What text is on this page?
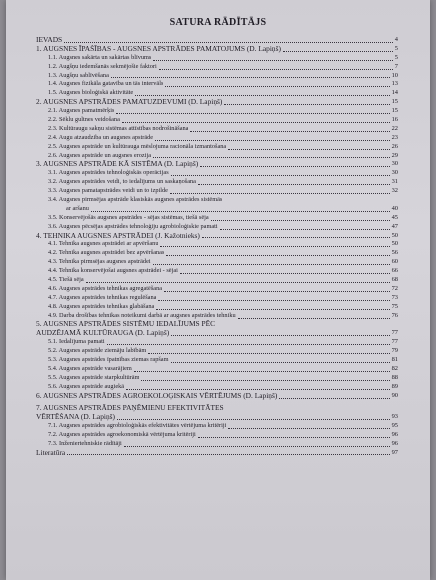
SATURA RĀDĪTĀJS
IEVADS	4
1. AUGSNES ĪPAŠĪBAS - AUGSNES APSTRĀDES PAMATOJUMS (D. Lapiņš)	5
1.1. Augsnes sakārta un sakārtas blīvums	5
1.2. Augšņu iedemšanās sekmējošie faktori	7
1.3. Augšņu sablīvēšana	10
1.4. Augsnes fizikāla gatavība un tās intervāls	13
1.5. Augsnes bioloģiskā aktivitāte	14
2. AUGSNES APSTRĀDES PAMATUZDEVUMI (D. Lapiņš)	15
2.1. Augsnes pamatmērķis	15
2.2. Sēklu gultnes veidošana	16
2.3. Kultūraugu sakņu sistēmas attīstības nodrošināšana	22
2.4. Augu atzaudziba un augsnes apstrāde	23
2.5. Augsnes apstrāde un kultūrauga mēslojuma racionāla izmantošana	26
2.6. Augsnes apstrāde un augsnes erozija	29
3. AUGSNES APSTRĀDE KĀ SISTĒMA (D. Lapiņš)	30
3.1. Augsnes apstrādes tehnoloģiskās operācijas	30
3.2. Augsnes apstrādes veidi, to iedalījums un saskaņošana	31
3.3. Augsnes pamatapstrādes veidi un to izpilde	32
3.4. Augsnes pirmsējas apstrāde klasiskās augsnes apstrādes sistēmās
ar aršanu	40
3.5. Konservējošās augsnes apstrādes - sējas sistēmas, tiešā sēja	45
3.6. Augsnes pēcsējas apstrādes tehnoloģiju agrobioloģiskie pamati	47
4. TEHNIKA AUGSNES APSTRĀDEI (J. Kažotnieks)	50
4.1. Tehnika augsnes apstrādei ar apvēršanu	50
4.2. Tehnika augsnes apstrādei bez apvēršanas	56
4.3. Tehnika pirmsējas augsnes apstrādei	60
4.4. Tehnika konservējošai augsnes apstrādei - sējai	66
4.5. Tiešā sēja	68
4.6. Augsnes apstrādes tehnikas agregatēšana	72
4.7. Augsnes apstrādes tehnikas regulēšana	73
4.8. Augsnes apstrādes tehnikas glabāšana	75
4.9. Darba drošības tehnikas noteikumi darbā ar augsnes apstrādes tehniku	76
5. AUGSNES APSTRĀDES SISTĒMU IEDALĪJUMS PĒC
AUDZĒJAMĀ KULTŪRAUGA (D. Lapiņš)	77
5.1. Iedalījuma pamati	77
5.2. Augsnes apstrāde ziemāju labībām	79
5.3. Augsnes apstrādes īpatnības ziemas rapšam	81
5.4. Augsnes apstrāde vasarājiem	82
5.5. Augsnes apstrāde starpkultūrām	88
5.6. Augsnes apstrāde augiekā	89
6. AUGSNES APSTRĀDES AGROEKOLOĢISKAIS VĒRTĒJUMS (D. Lapiņš)	90
7. AUGSNES APSTRĀDES PAŅĒMIENU EFEKTIVITĀTES
VĒRTĒŠANA (D. Lapiņš)	93
7.1. Augsnes apstrādes agrobioloģiskās efektivitātes vērtējuma kritēriji	95
7.2. Augsnes apstrādes agroekonomiskā vērtējuma kritēriji	96
7.3. Inženiertehniskie rādītāji	96
Literatūra	97
